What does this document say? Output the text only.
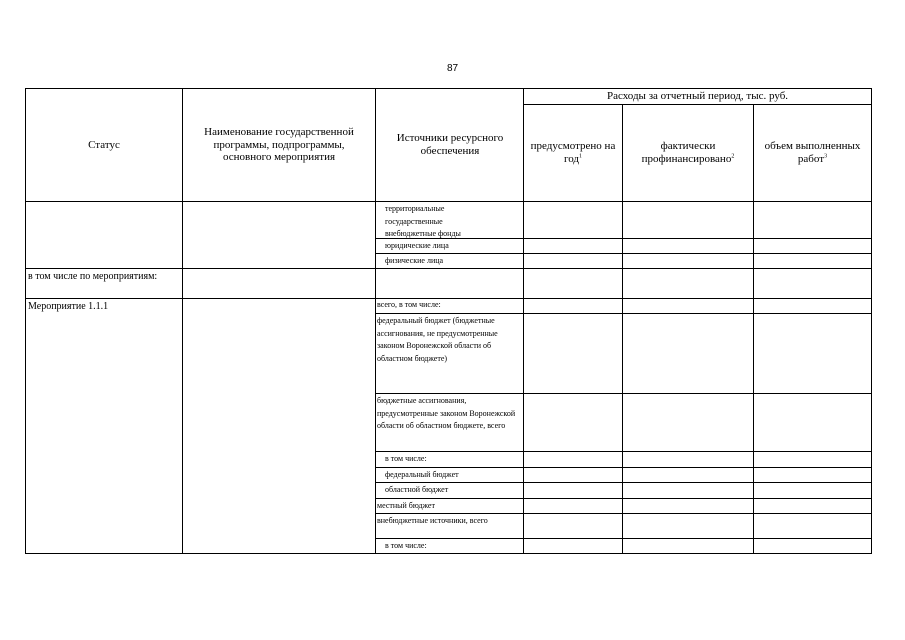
87
Статус
Наименование государственной программы, подпрограммы, основного мероприятия
Источники ресурсного обеспечения
Расходы за отчетный период, тыс. руб.
предусмотрено на год$^1$
фактически профинансировано$^2$
объем выполненных работ$^3$
территориальные государственные внебюджетные фонды
юридические лица
физические лица
в том числе по мероприятиям:
Мероприятие 1.1.1	всего, в том числе:
федеральный бюджет (бюджетные ассигнования, не предусмотренные законом Воронежской области об областном бюджете)
бюджетные ассигнования, предусмотренные законом Воронежской области об областном бюджете, всего
в том числе:
федеральный бюджет
областной бюджет
местный бюджет
внебюджетные источники, всего
в том числе:
